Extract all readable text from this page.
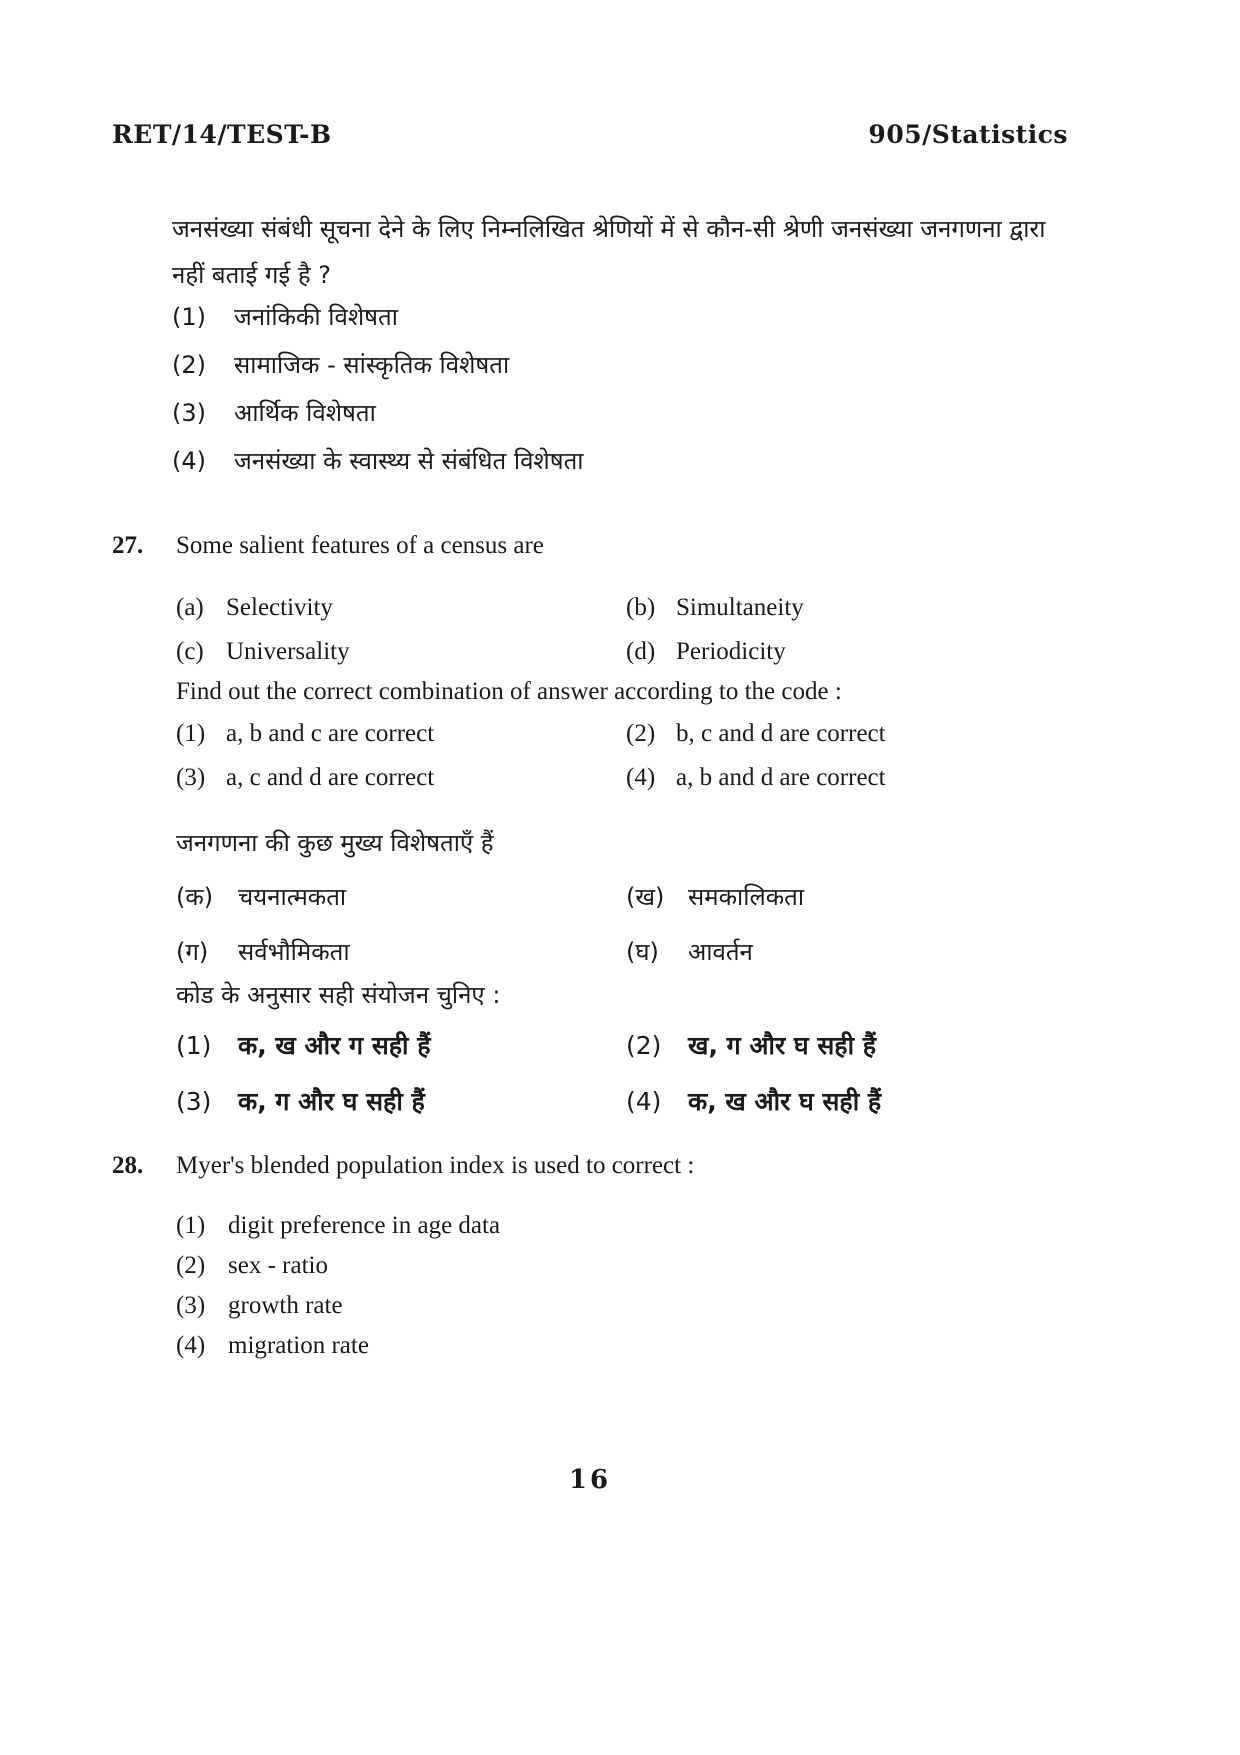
RET/14/TEST-B	905/Statistics
जनसंख्या संबंधी सूचना देने के लिए निम्नलिखित श्रेणियों में से कौन-सी श्रेणी जनसंख्या जनगणना द्वारा नहीं बताई गई है ?
(1)	जनांकिकी विशेषता
(2)	सामाजिक - सांस्कृतिक विशेषता
(3)	आर्थिक विशेषता
(4)	जनसंख्या के स्वास्थ्य से संबंधित विशेषता
27. Some salient features of a census are
(a) Selectivity	(b) Simultaneity
(c) Universality	(d) Periodicity
Find out the correct combination of answer according to the code :
(1) a, b and c are correct	(2) b, c and d are correct
(3) a, c and d are correct	(4) a, b and d are correct
जनगणना की कुछ मुख्य विशेषताएँ हैं
(क)	चयनात्मकता	(ख) समकालिकता
(ग)	सर्वभौमिकता	(घ)	आवर्तन
कोड के अनुसार सही संयोजन चुनिए :
(1)	क, ख और ग सही हैं	(2)	ख, ग और घ सही हैं
(3)	क, ग और घ सही हैं	(4)	क, ख और घ सही हैं
28. Myer's blended population index is used to correct :
(1) digit preference in age data
(2) sex - ratio
(3) growth rate
(4) migration rate
16
